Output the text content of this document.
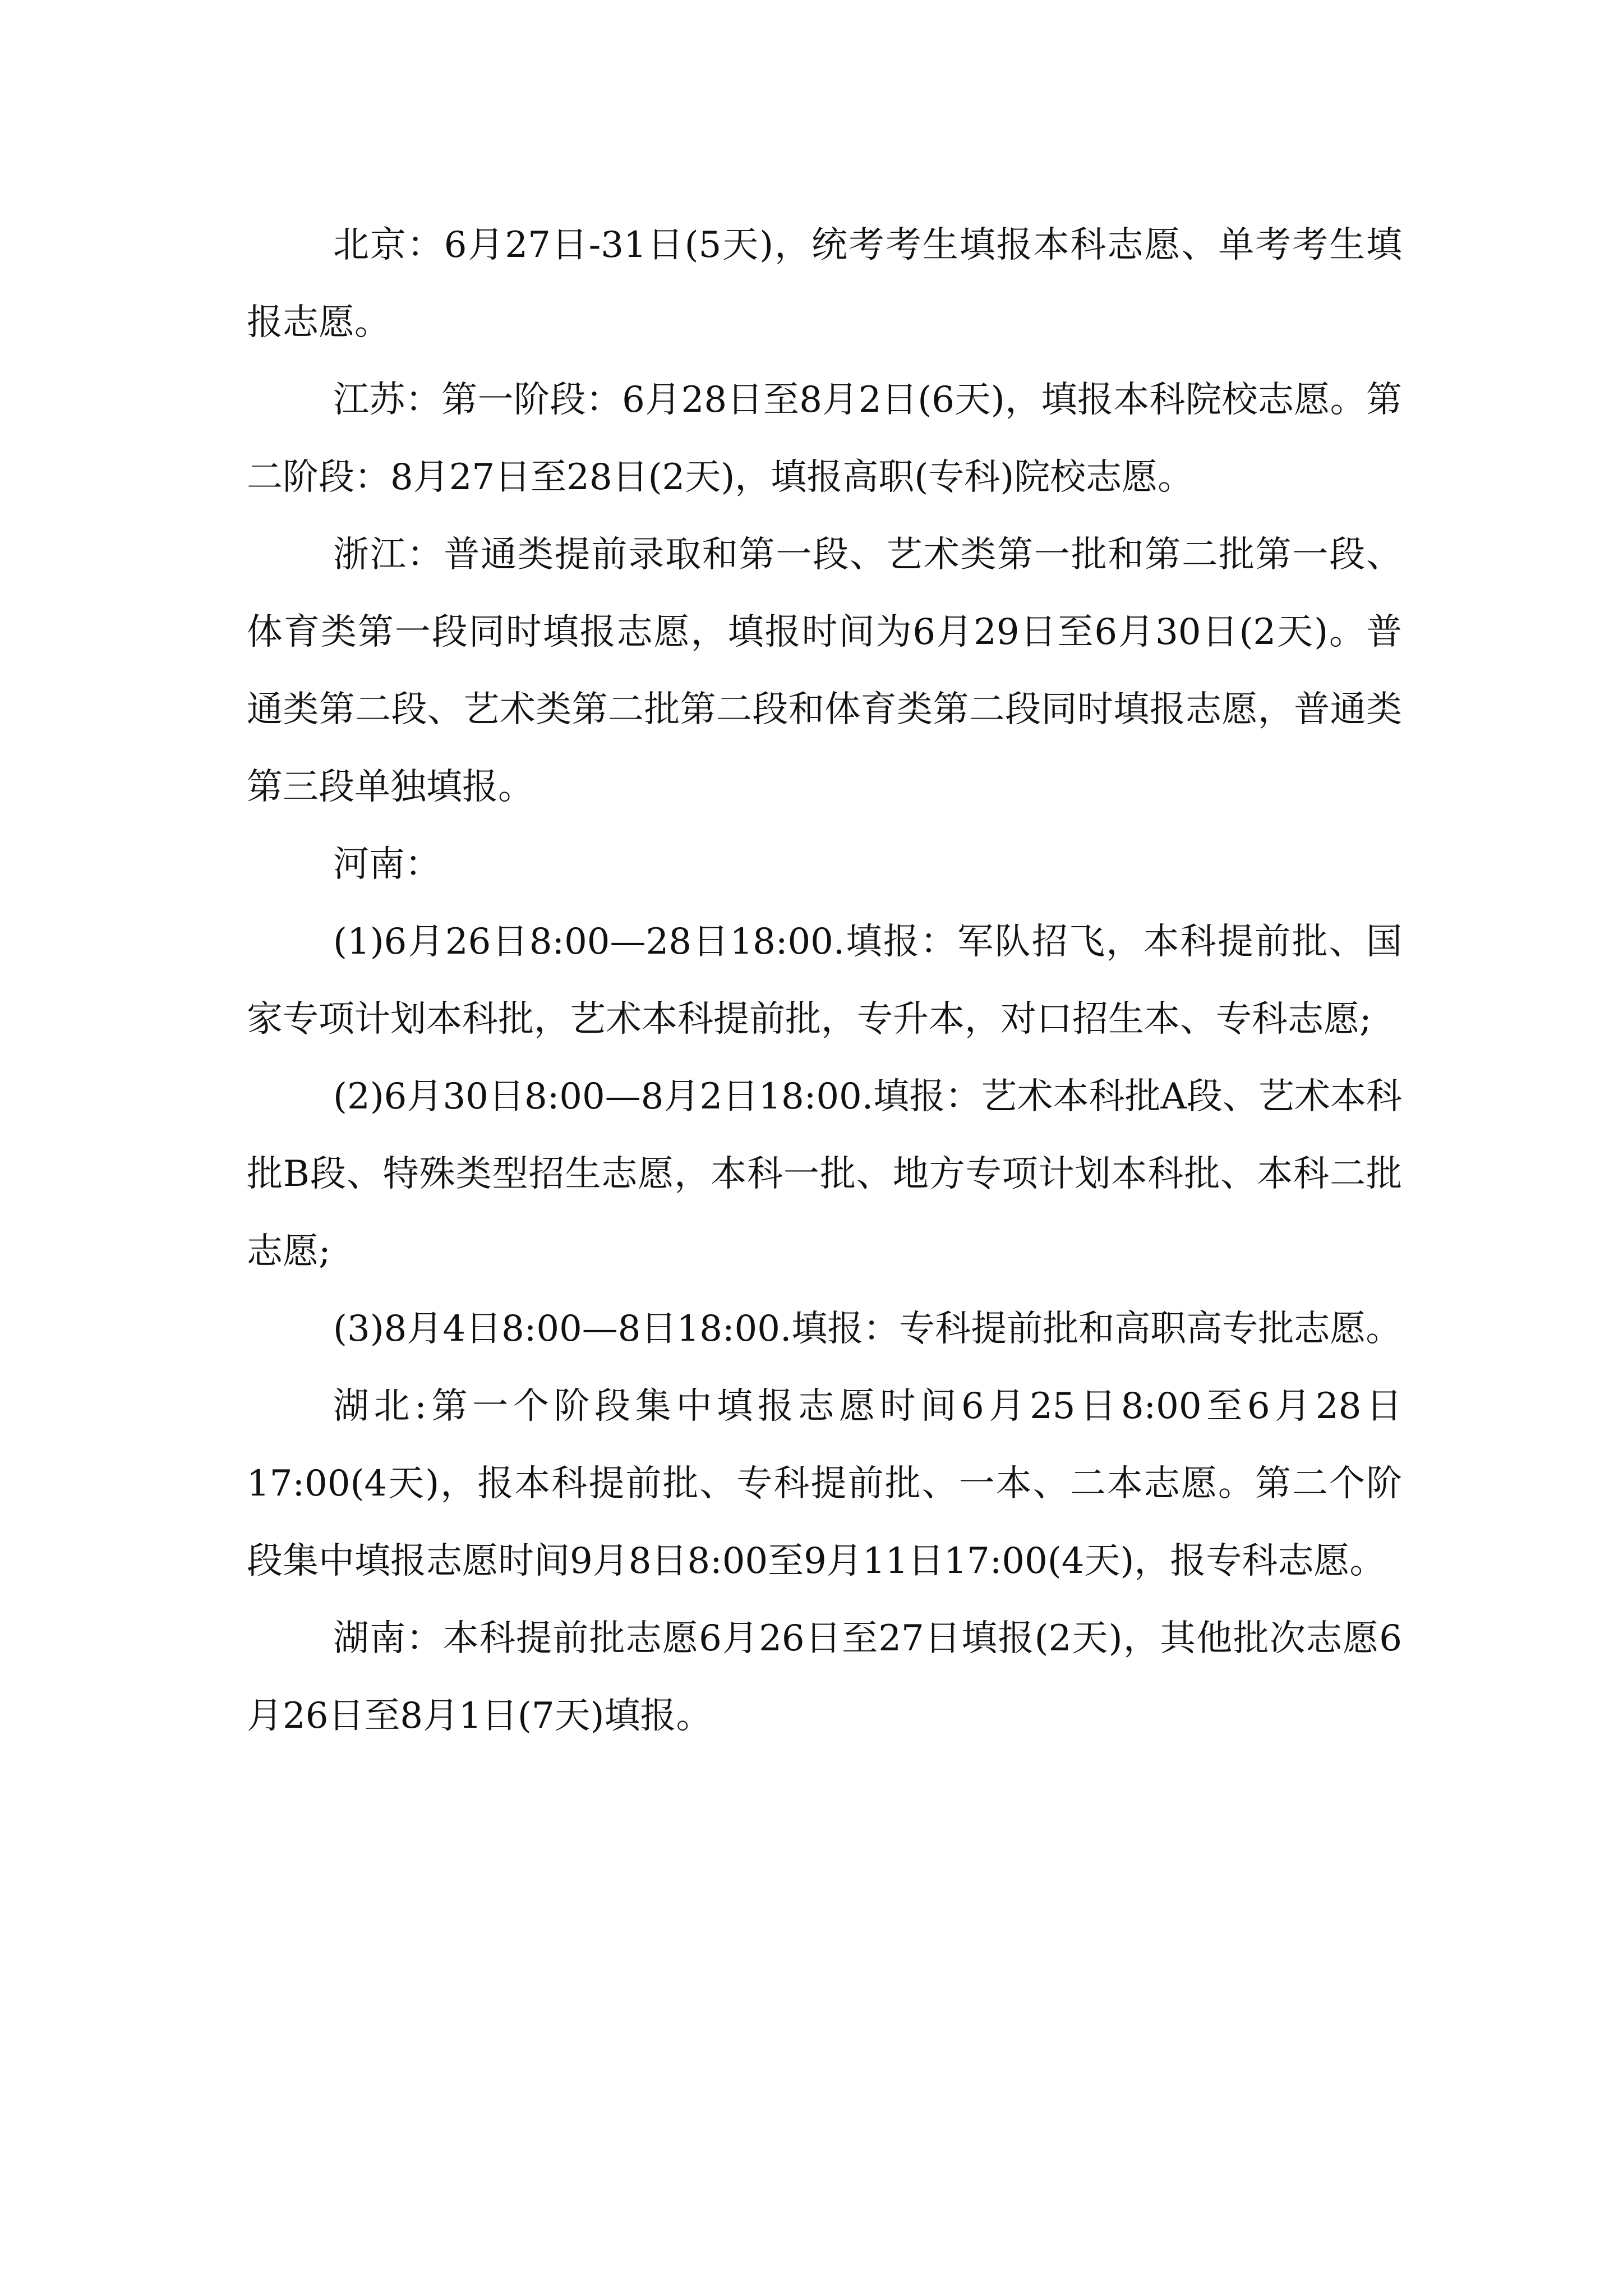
北京：6月27日-31日(5天)，统考考生填报本科志愿、单考考生填报志愿。

江苏：第一阶段：6月28日至8月2日(6天)，填报本科院校志愿。第二阶段：8月27日至28日(2天)，填报高职(专科)院校志愿。

浙江：普通类提前录取和第一段、艺术类第一批和第二批第一段、体育类第一段同时填报志愿，填报时间为6月29日至6月30日(2天)。普通类第二段、艺术类第二批第二段和体育类第二段同时填报志愿，普通类第三段单独填报。

河南：

(1)6月26日8:00—28日18:00.填报：军队招飞，本科提前批、国家专项计划本科批，艺术本科提前批，专升本，对口招生本、专科志愿;

(2)6月30日8:00—8月2日18:00.填报：艺术本科批A段、艺术本科批B段、特殊类型招生志愿，本科一批、地方专项计划本科批、本科二批志愿;

(3)8月4日8:00—8日18:00.填报：专科提前批和高职高专批志愿。

湖北:第一个阶段集中填报志愿时间6月25日8:00至6月28日17:00(4天)，报本科提前批、专科提前批、一本、二本志愿。第二个阶段集中填报志愿时间9月8日8:00至9月11日17:00(4天)，报专科志愿。

湖南：本科提前批志愿6月26日至27日填报(2天)，其他批次志愿6月26日至8月1日(7天)填报。
